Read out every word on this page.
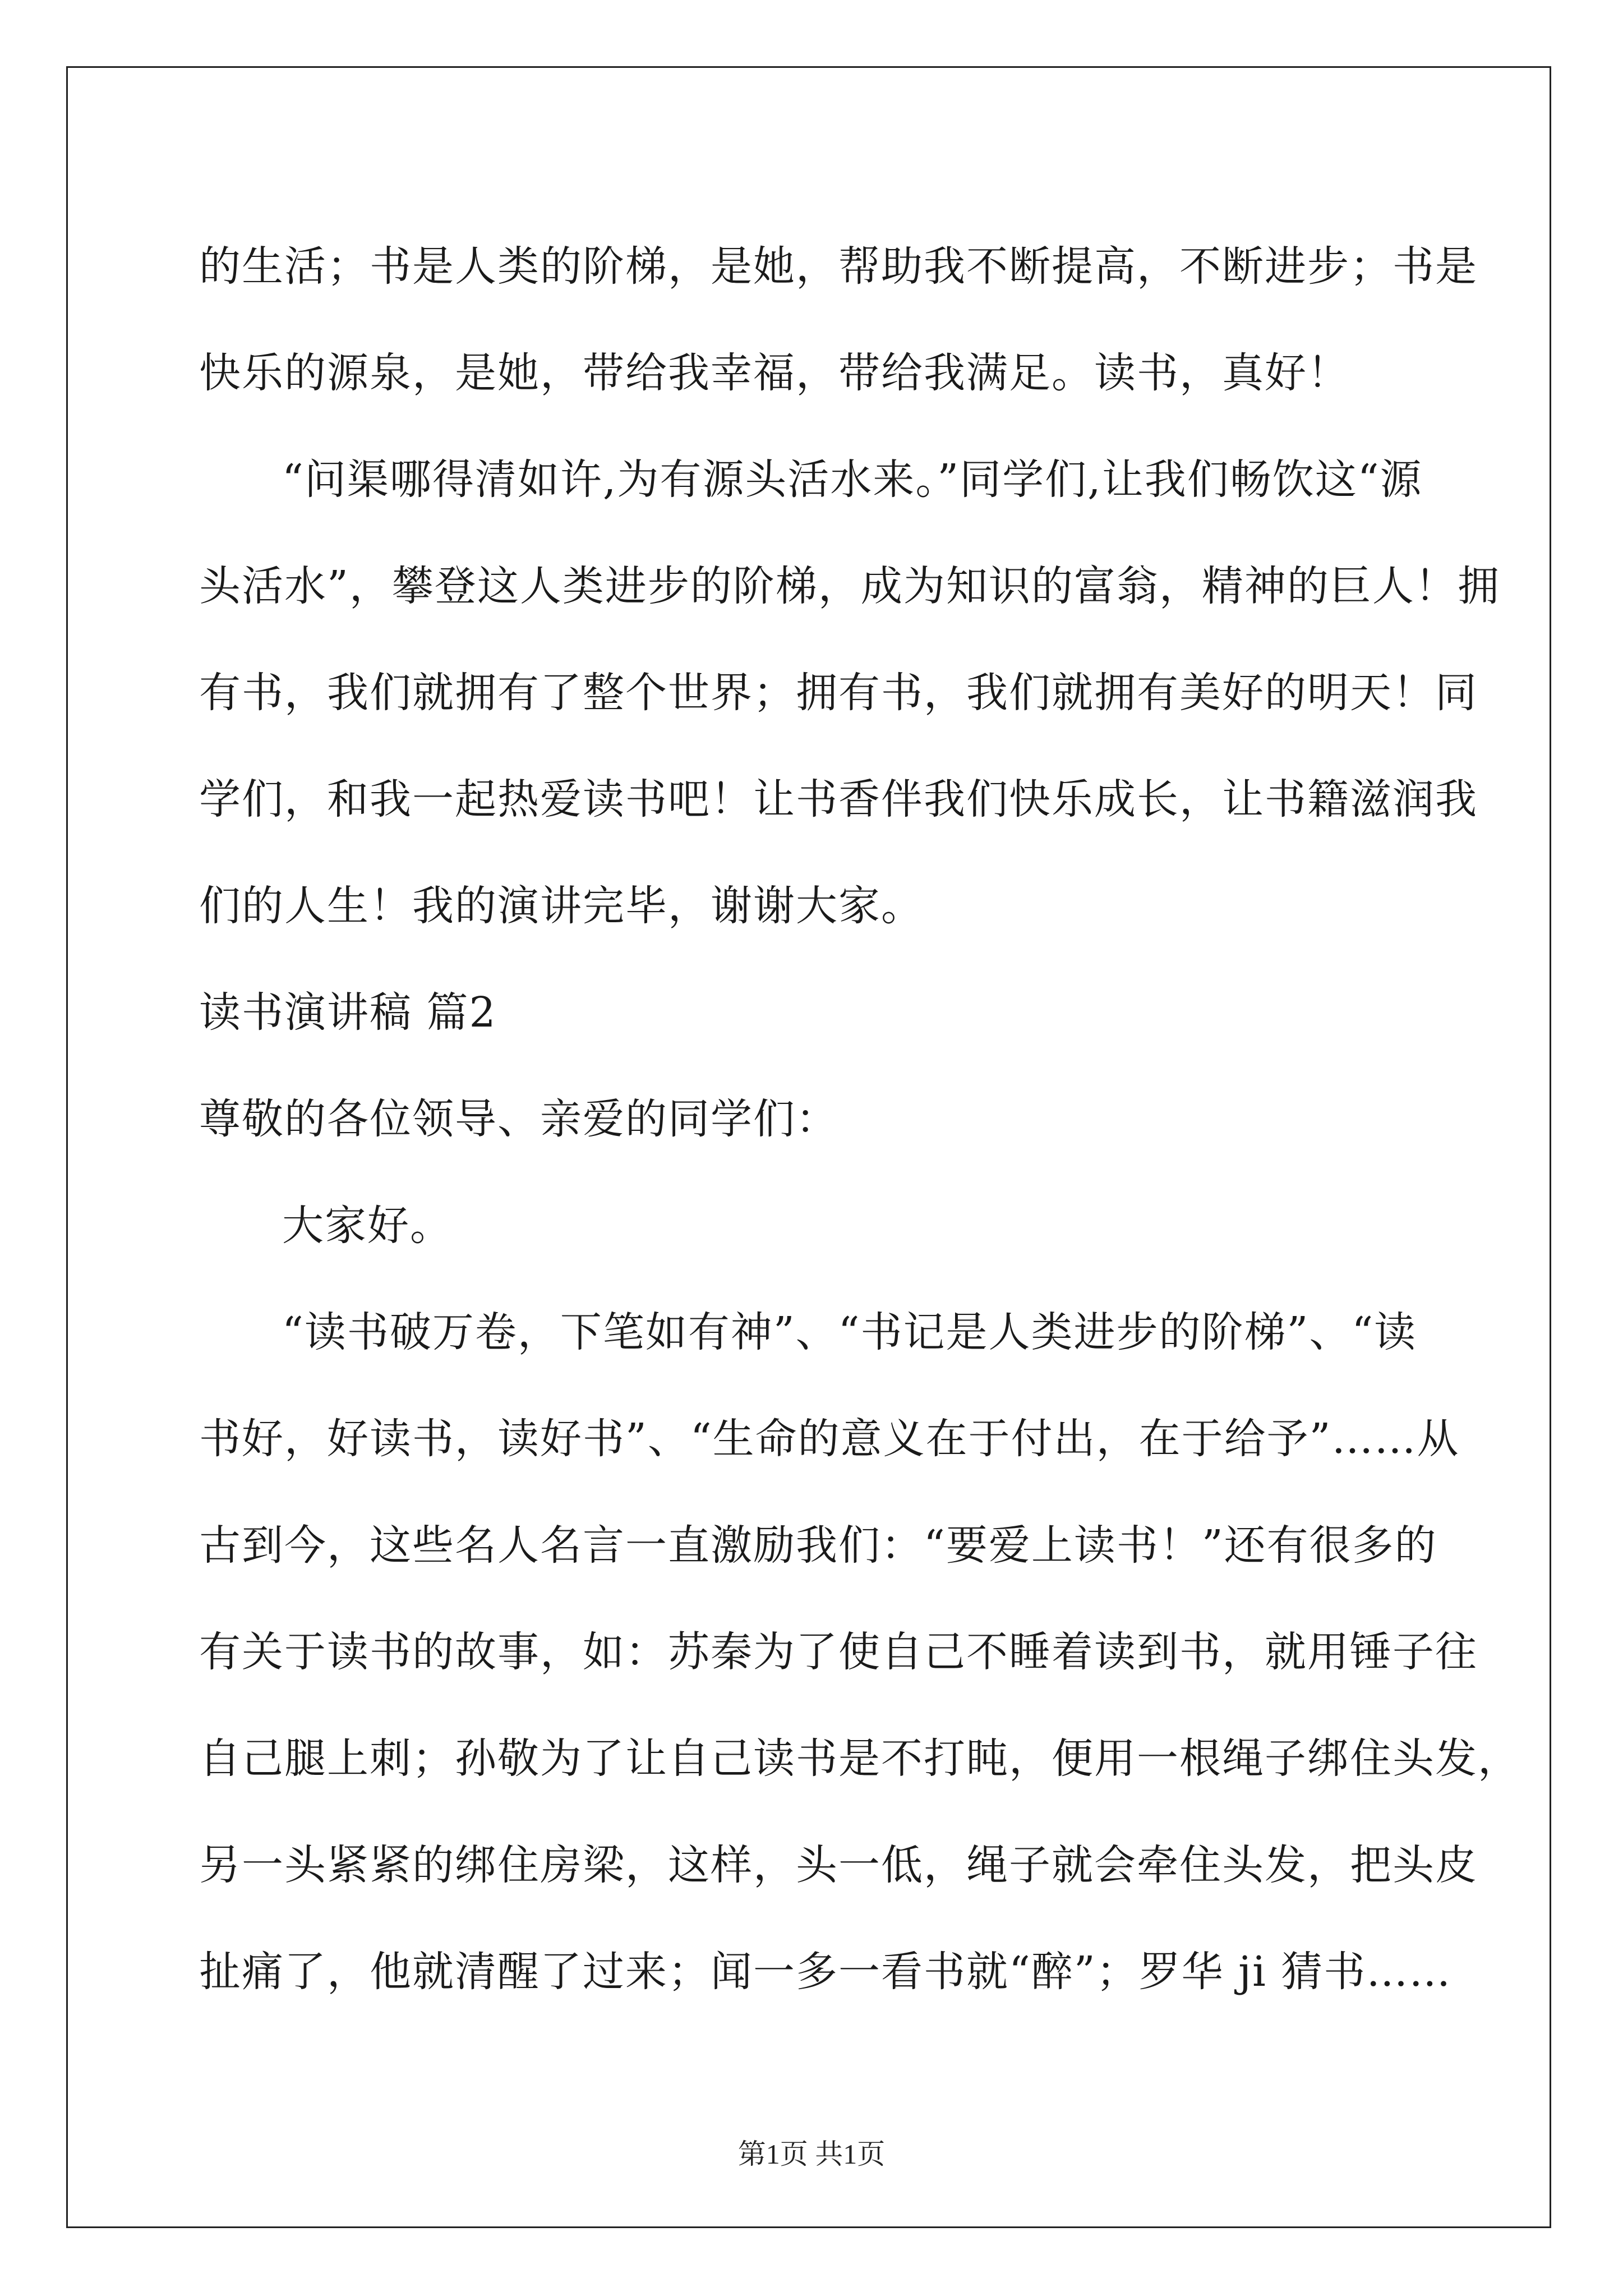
的生活；书是人类的阶梯，是她，帮助我不断提高，不断进步；书是
快乐的源泉，是她，带给我幸福，带给我满足。读书，真好！
“问渠哪得清如许,为有源头活水来。”同学们,让我们畅饮这“源
头活水”，攀登这人类进步的阶梯，成为知识的富翁，精神的巨人！拥
有书，我们就拥有了整个世界；拥有书，我们就拥有美好的明天！同
学们，和我一起热爱读书吧！让书香伴我们快乐成长，让书籍滋润我
们的人生！我的演讲完毕，谢谢大家。
读书演讲稿 篇2
尊敬的各位领导、亲爱的同学们：
大家好。
“读书破万卷，下笔如有神”、“书记是人类进步的阶梯”、“读
书好，好读书，读好书”、“生命的意义在于付出，在于给予”……从
古到今，这些名人名言一直激励我们：“要爱上读书！”还有很多的
有关于读书的故事，如：苏秦为了使自己不睡着读到书，就用锤子往
自己腿上刺；孙敬为了让自己读书是不打盹，便用一根绳子绑住头发，
另一头紧紧的绑住房梁，这样，头一低，绳子就会牵住头发，把头皮
扯痛了，他就清醒了过来；闻一多一看书就“醉”；罗华 ji 猜书……
第1页 共1页
